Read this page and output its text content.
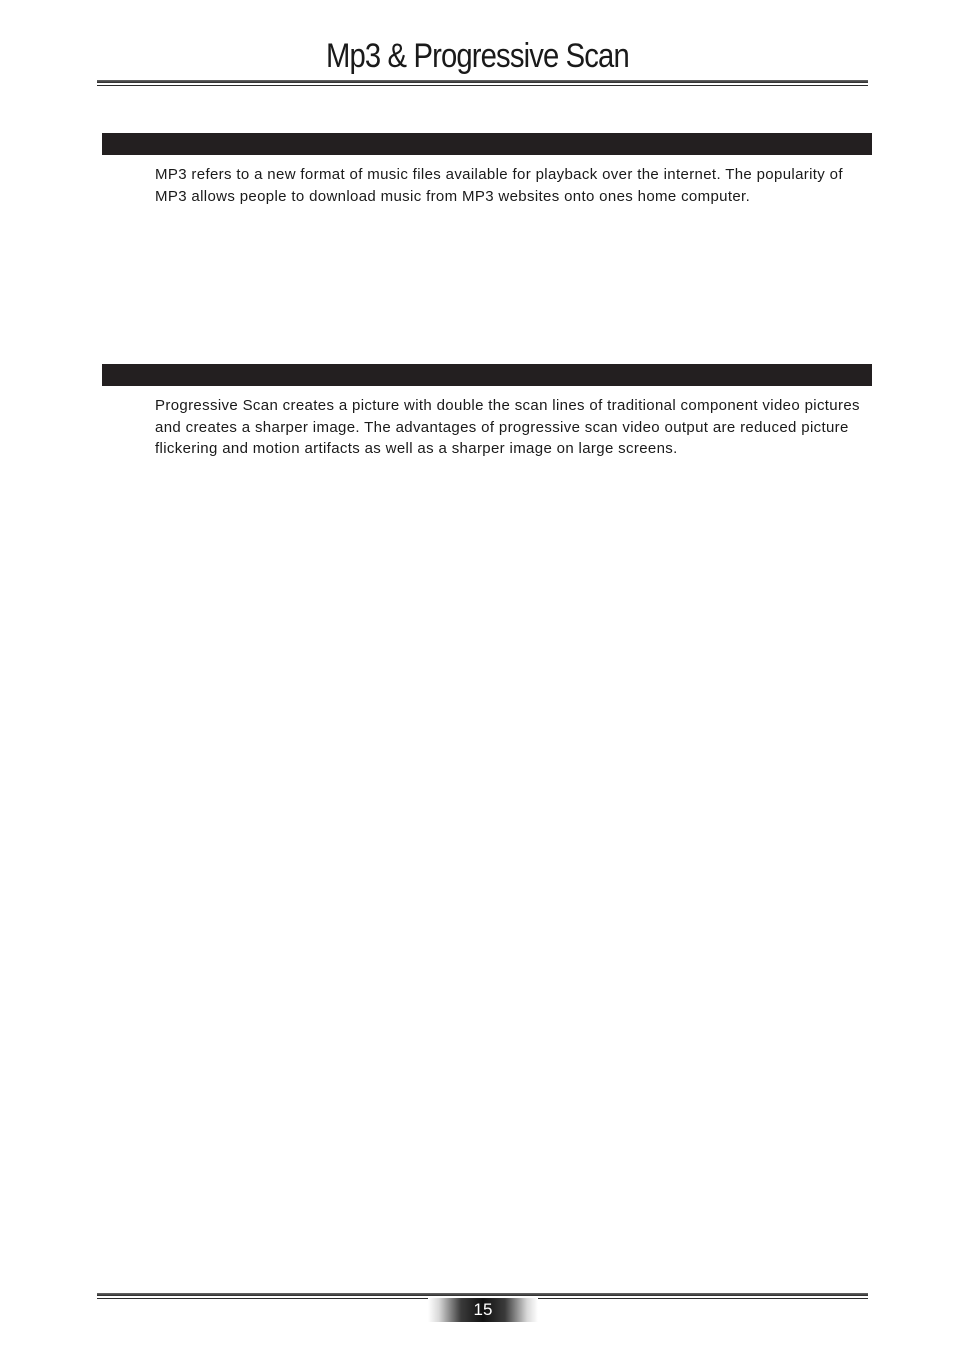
Mp3 & Progressive Scan

MP3 refers to a new format of music files available for playback over the internet. The popularity of MP3 allows people to download music from MP3 websites onto ones home computer.

Progressive Scan creates a picture with double the scan lines of traditional component video pictures and creates a sharper image. The advantages of progressive scan video output are reduced picture flickering and motion artifacts as well as a sharper image on large screens.

15
